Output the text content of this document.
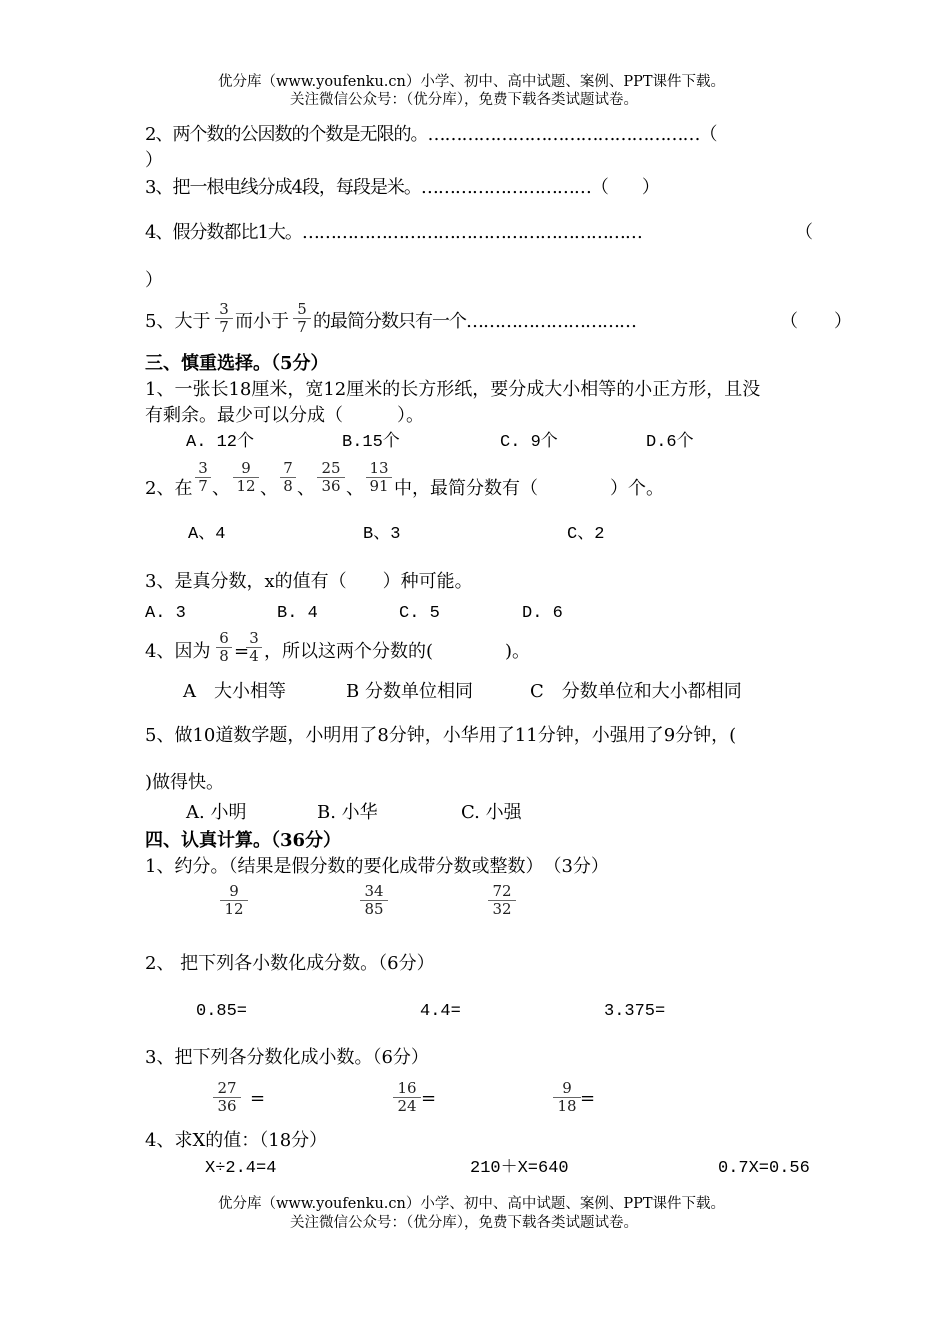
优分库（www.youfenku.cn）小学、初中、高中试题、案例、PPT课件下载。
关注微信公众号：（优分库），免费下载各类试题试卷。
2、两个数的公因数的个数是无限的。…………………………………………（
）
3、把一根电线分成4段，每段是米。…………………………（　　）
4、假分数都比1大。……………………………………………………	（
）
5、大于 $\frac{3}{7}$ 而小于 $\frac{5}{7}$ 的最简分数只有一个…………………………	（　　）
三、慎重选择。（5分）
1、一张长18厘米，宽12厘米的长方形纸，要分成大小相等的小正方形，且没
有剩余。最少可以分成（　　　）。
A. 12个	B.15个	C. 9个	D.6个
2、在 $\frac{3}{7}$ 、 $\frac{9}{12}$ 、 $\frac{7}{8}$ 、 $\frac{25}{36}$ 、 $\frac{13}{91}$ 中，最简分数有（　　　　）个。
A、4	B、3	C、2
3、是真分数，x的值有（　　）种可能。
A. 3	B. 4	C. 5	D. 6
4、因为 $\frac{6}{8}$ =
$\frac{3}{4}$ ，所以这两个分数的(　　　　)。
A　大小相等	B 分数单位相同	C　分数单位和大小都相同
5、做10道数学题，小明用了8分钟，小华用了11分钟，小强用了9分钟，(
)做得快。
A. 小明	B. 小华	C. 小强
四、认真计算。（36分）
1、约分。（结果是假分数的要化成带分数或整数）　（3分）
$\frac{9}{12}$	$\frac{34}{85}$	$\frac{72}{32}$
2、 把下列各小数化成分数。（6分）
0.85=	4.4=	3.375=
3、把下列各分数化成小数。（6分）
$\frac{27}{36}$ =	$\frac{16}{24}$ =	$\frac{9}{18}$ =
4、求X的值：（18分）
X÷2.4=4	210＋X=640	0.7X=0.56
优分库（www.youfenku.cn）小学、初中、高中试题、案例、PPT课件下载。
关注微信公众号：（优分库），免费下载各类试题试卷。
